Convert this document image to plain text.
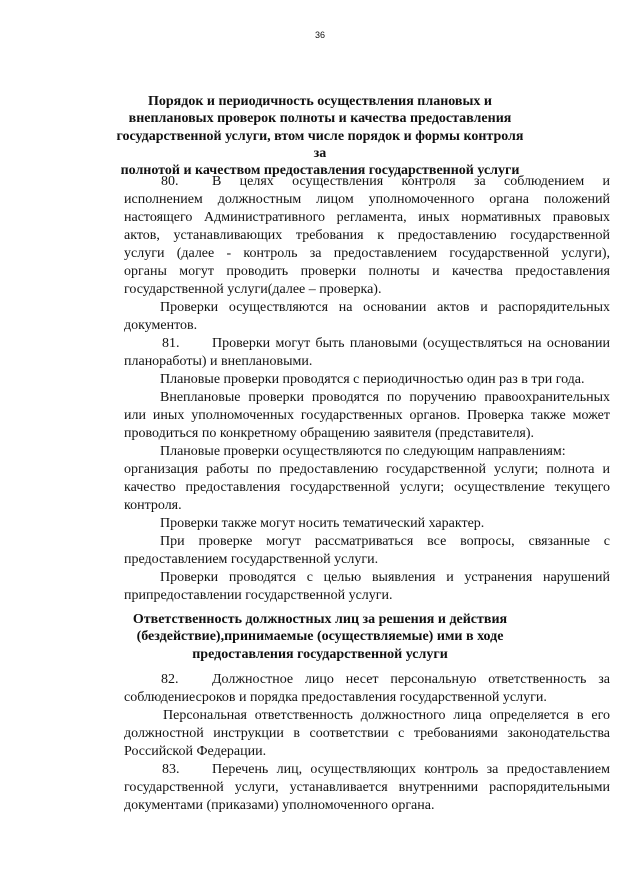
36
Порядок и периодичность осуществления плановых и
внеплановых проверок полноты и качества предоставления
государственной услуги, втом числе порядок и формы контроля за
полнотой и качеством предоставления государственной услуги
80. В целях осуществления контроля за соблюдением и
исполнением должностным лицом уполномоченного органа положений
настоящего Административного регламента, иных нормативных правовых
актов, устанавливающих требования к предоставлению государственной
услуги (далее - контроль за предоставлением государственной услуги),
органы могут проводить проверки полноты и качества предоставления
государственной услуги(далее – проверка).
Проверки осуществляются на основании актов и распорядительных
документов.
81. Проверки могут быть плановыми (осуществляться на основании
планоработы) и внеплановыми.
Плановые проверки проводятся с периодичностью один раз в три года.
Внеплановые проверки проводятся по поручению правоохранительных
или иных уполномоченных государственных органов. Проверка также может
проводиться по конкретному обращению заявителя (представителя).
Плановые проверки осуществляются по следующим направлениям:
организация работы по предоставлению государственной услуги; полнота и
качество предоставления государственной услуги; осуществление текущего
контроля.
Проверки также могут носить тематический характер.
При проверке могут рассматриваться все вопросы, связанные с
предоставлением государственной услуги.
Проверки проводятся с целью выявления и устранения нарушений
припредоставлении государственной услуги.
Ответственность должностных лиц за решения и действия
(бездействие),принимаемые (осуществляемые) ими в ходе
предоставления государственной услуги
82. Должностное лицо несет персональную ответственность за
соблюдениесроков и порядка предоставления государственной услуги.
Персональная ответственность должностного лица определяется в его
должностной инструкции в соответствии с требованиями законодательства
Российской Федерации.
83. Перечень лиц, осуществляющих контроль за предоставлением
государственной услуги, устанавливается внутренними распорядительными
документами (приказами) уполномоченного органа.
